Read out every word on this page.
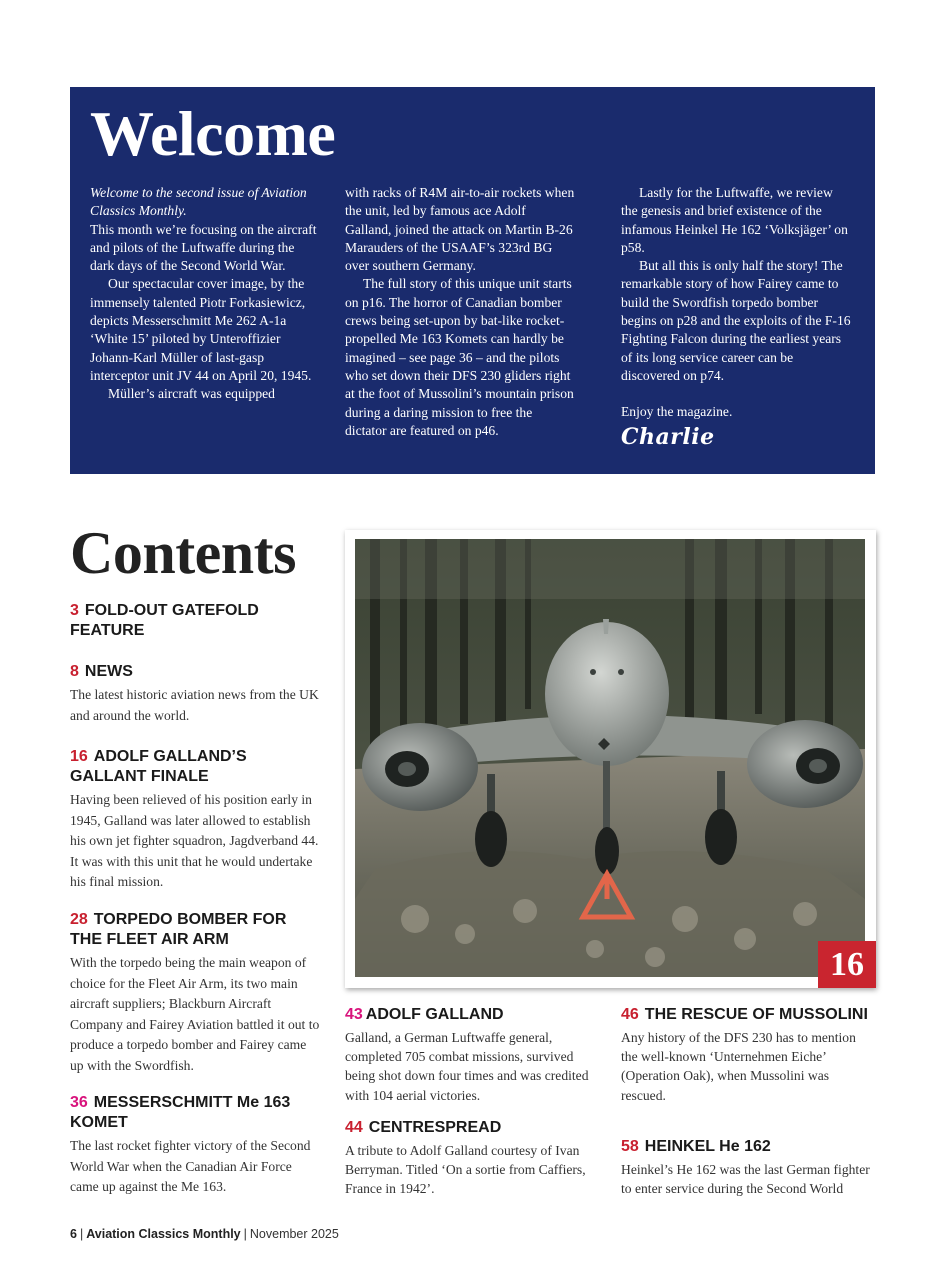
Welcome

Welcome to the second issue of Aviation Classics Monthly.

This month we’re focusing on the aircraft and pilots of the Luftwaffe during the dark days of the Second World War.

Our spectacular cover image, by the immensely talented Piotr Forkasiewicz, depicts Messerschmitt Me 262 A-1a ‘White 15’ piloted by Unteroffizier Johann-Karl Müller of last-gasp interceptor unit JV 44 on April 20, 1945.

Müller’s aircraft was equipped

with racks of R4M air-to-air rockets when the unit, led by famous ace Adolf Galland, joined the attack on Martin B-26 Marauders of the USAAF’s 323rd BG over southern Germany.

The full story of this unique unit starts on p16. The horror of Canadian bomber crews being set-upon by bat-like rocket-propelled Me 163 Komets can hardly be imagined – see page 36 – and the pilots who set down their DFS 230 gliders right at the foot of Mussolini’s mountain prison during a daring mission to free the dictator are featured on p46.

Lastly for the Luftwaffe, we review the genesis and brief existence of the infamous Heinkel He 162 ‘Volksjäger’ on p58.

But all this is only half the story! The remarkable story of how Fairey came to build the Swordfish torpedo bomber begins on p28 and the exploits of the F-16 Fighting Falcon during the earliest years of its long service career can be discovered on p74.

Enjoy the magazine.

Charlie
Contents
3 FOLD-OUT GATEFOLD FEATURE
8 NEWS
The latest historic aviation news from the UK and around the world.
16 ADOLF GALLAND’S GALLANT FINALE
Having been relieved of his position early in 1945, Galland was later allowed to establish his own jet fighter squadron, Jagdverband 44. It was with this unit that he would undertake his final mission.
28 TORPEDO BOMBER FOR THE FLEET AIR ARM
With the torpedo being the main weapon of choice for the Fleet Air Arm, its two main aircraft suppliers; Blackburn Aircraft Company and Fairey Aviation battled it out to produce a torpedo bomber and Fairey came up with the Swordfish.
36 MESSERSCHMITT Me 163 KOMET
The last rocket fighter victory of the Second World War when the Canadian Air Force came up against the Me 163.
16
43 ADOLF GALLAND
Galland, a German Luftwaffe general, completed 705 combat missions, survived being shot down four times and was credited with 104 aerial victories.
44 CENTRESPREAD
A tribute to Adolf Galland courtesy of Ivan Berryman. Titled ‘On a sortie from Caffiers, France in 1942’.
46 THE RESCUE OF MUSSOLINI
Any history of the DFS 230 has to mention the well-known ‘Unternehmen Eiche’ (Operation Oak), when Mussolini was rescued.
58 HEINKEL He 162
Heinkel’s He 162 was the last German fighter to enter service during the Second World
6 | Aviation Classics Monthly | November 2025
